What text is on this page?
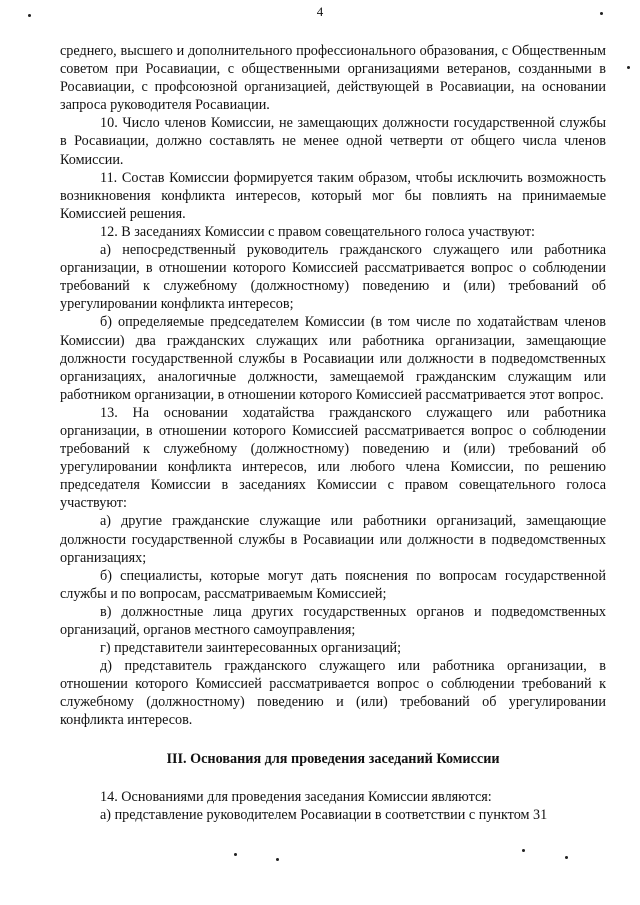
4

среднего, высшего и дополнительного профессионального образования, с Общественным советом при Росавиации, с общественными организациями ветеранов, созданными в Росавиации, с профсоюзной организацией, действующей в Росавиации, на основании запроса руководителя Росавиации.

10. Число членов Комиссии, не замещающих должности государственной службы в Росавиации, должно составлять не менее одной четверти от общего числа членов Комиссии.

11. Состав Комиссии формируется таким образом, чтобы исключить возможность возникновения конфликта интересов, который мог бы повлиять на принимаемые Комиссией решения.

12. В заседаниях Комиссии с правом совещательного голоса участвуют:

а) непосредственный руководитель гражданского служащего или работника организации, в отношении которого Комиссией рассматривается вопрос о соблюдении требований к служебному (должностному) поведению и (или) требований об урегулировании конфликта интересов;

б) определяемые председателем Комиссии (в том числе по ходатайствам членов Комиссии) два гражданских служащих или работника организации, замещающие должности государственной службы в Росавиации или должности в подведомственных организациях, аналогичные должности, замещаемой гражданским служащим или работником организации, в отношении которого Комиссией рассматривается этот вопрос.

13. На основании ходатайства гражданского служащего или работника организации, в отношении которого Комиссией рассматривается вопрос о соблюдении требований к служебному (должностному) поведению и (или) требований об урегулировании конфликта интересов, или любого члена Комиссии, по решению председателя Комиссии в заседаниях Комиссии с правом совещательного голоса участвуют:

а) другие гражданские служащие или работники организаций, замещающие должности государственной службы в Росавиации или должности в подведомственных организациях;

б) специалисты, которые могут дать пояснения по вопросам государственной службы и по вопросам, рассматриваемым Комиссией;

в) должностные лица других государственных органов и подведомственных организаций, органов местного самоуправления;

г) представители заинтересованных организаций;

д) представитель гражданского служащего или работника организации, в отношении которого Комиссией рассматривается вопрос о соблюдении требований к служебному (должностному) поведению и (или) требований об урегулировании конфликта интересов.

III. Основания для проведения заседаний Комиссии

14. Основаниями для проведения заседания Комиссии являются:

а) представление руководителем Росавиации в соответствии с пунктом 31
